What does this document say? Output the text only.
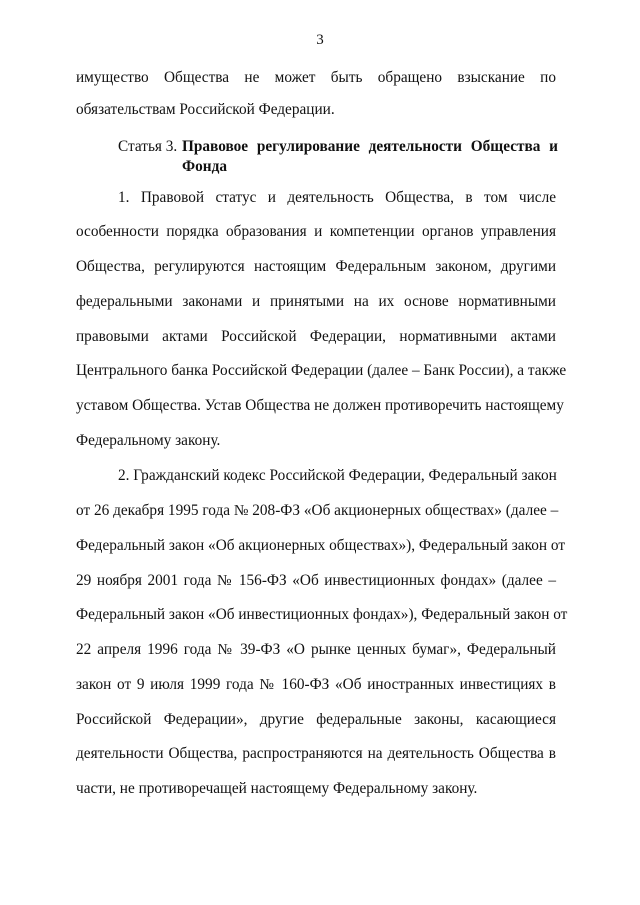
3
имущество Общества не может быть обращено взыскание по
обязательствам Российской Федерации.
Статья 3. Правовое регулирование деятельности Общества и
Фонда
1. Правовой статус и деятельность Общества, в том числе
особенности порядка образования и компетенции органов управления
Общества, регулируются настоящим Федеральным законом, другими
федеральными законами и принятыми на их основе нормативными
правовыми актами Российской Федерации, нормативными актами
Центрального банка Российской Федерации (далее – Банк России), а также
уставом Общества. Устав Общества не должен противоречить настоящему
Федеральному закону.
2. Гражданский кодекс Российской Федерации, Федеральный закон
от 26 декабря 1995 года № 208-ФЗ «Об акционерных обществах» (далее –
Федеральный закон «Об акционерных обществах»), Федеральный закон от
29 ноября 2001 года № 156-ФЗ «Об инвестиционных фондах» (далее –
Федеральный закон «Об инвестиционных фондах»), Федеральный закон от
22 апреля 1996 года № 39-ФЗ «О рынке ценных бумаг», Федеральный
закон от 9 июля 1999 года № 160-ФЗ «Об иностранных инвестициях в
Российской Федерации», другие федеральные законы, касающиеся
деятельности Общества, распространяются на деятельность Общества в
части, не противоречащей настоящему Федеральному закону.
